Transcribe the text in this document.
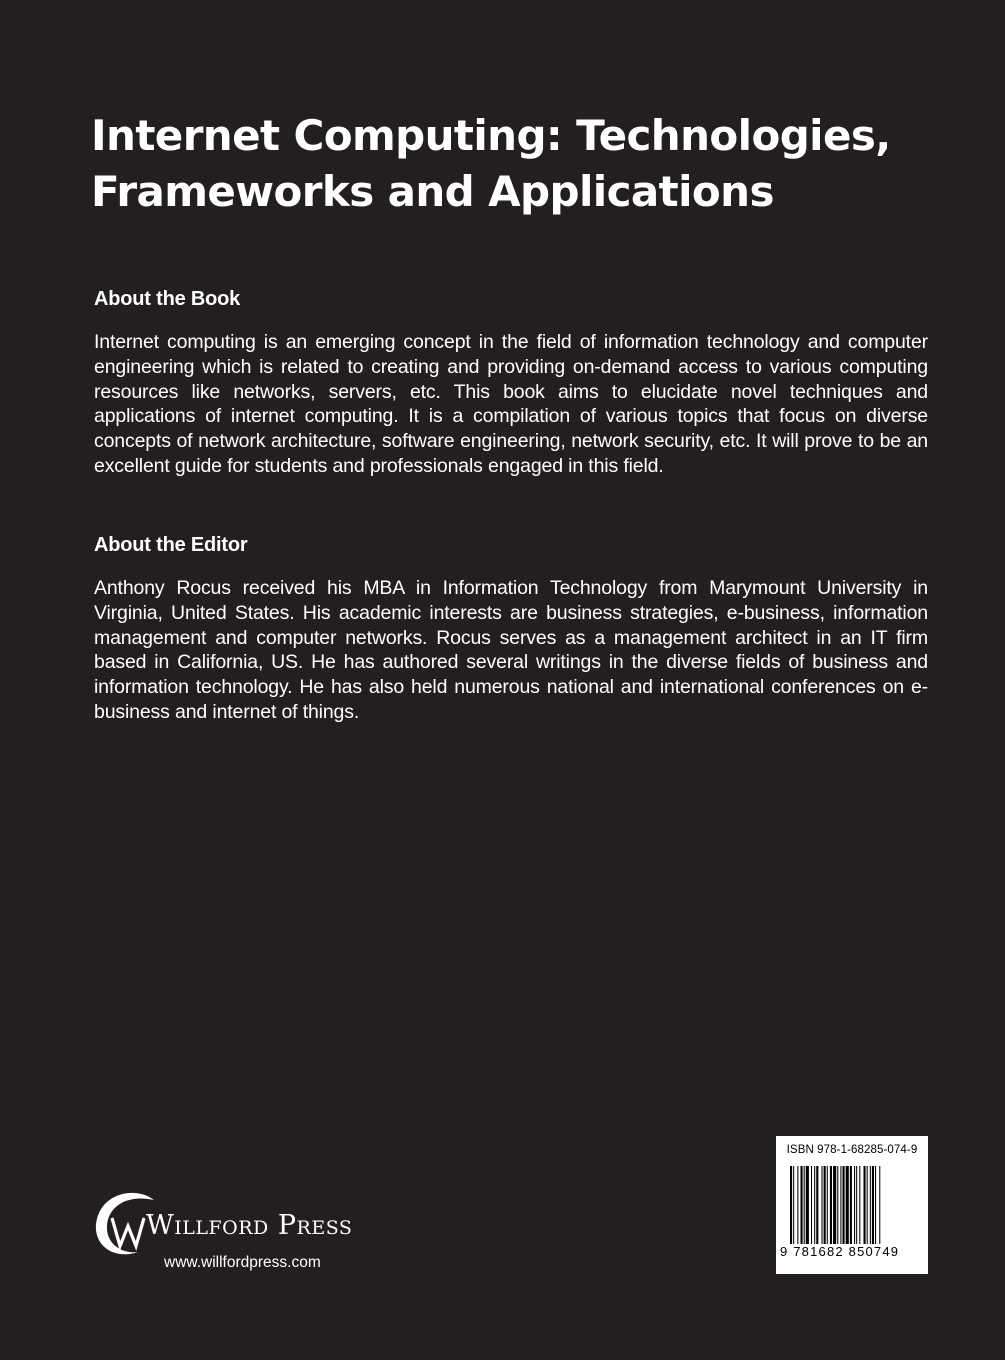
Internet Computing: Technologies,
Frameworks and Applications
About the Book

Internet computing is an emerging concept in the field of information technology and computer engineering which is related to creating and providing on-demand access to various computing resources like networks, servers, etc. This book aims to elucidate novel techniques and applications of internet computing. It is a compilation of various topics that focus on diverse concepts of network architecture, software engineering, network security, etc. It will prove to be an excellent guide for students and professionals engaged in this field.

About the Editor

Anthony Rocus received his MBA in Information Technology from Marymount University in Virginia, United States. His academic interests are business strategies, e-business, information management and computer networks. Rocus serves as a management architect in an IT firm based in California, US. He has authored several writings in the diverse fields of business and information technology. He has also held numerous national and international conferences on e-business and internet of things.

Willford Press
www.willfordpress.com
ISBN 978-1-68285-074-9
9 781682 850749
